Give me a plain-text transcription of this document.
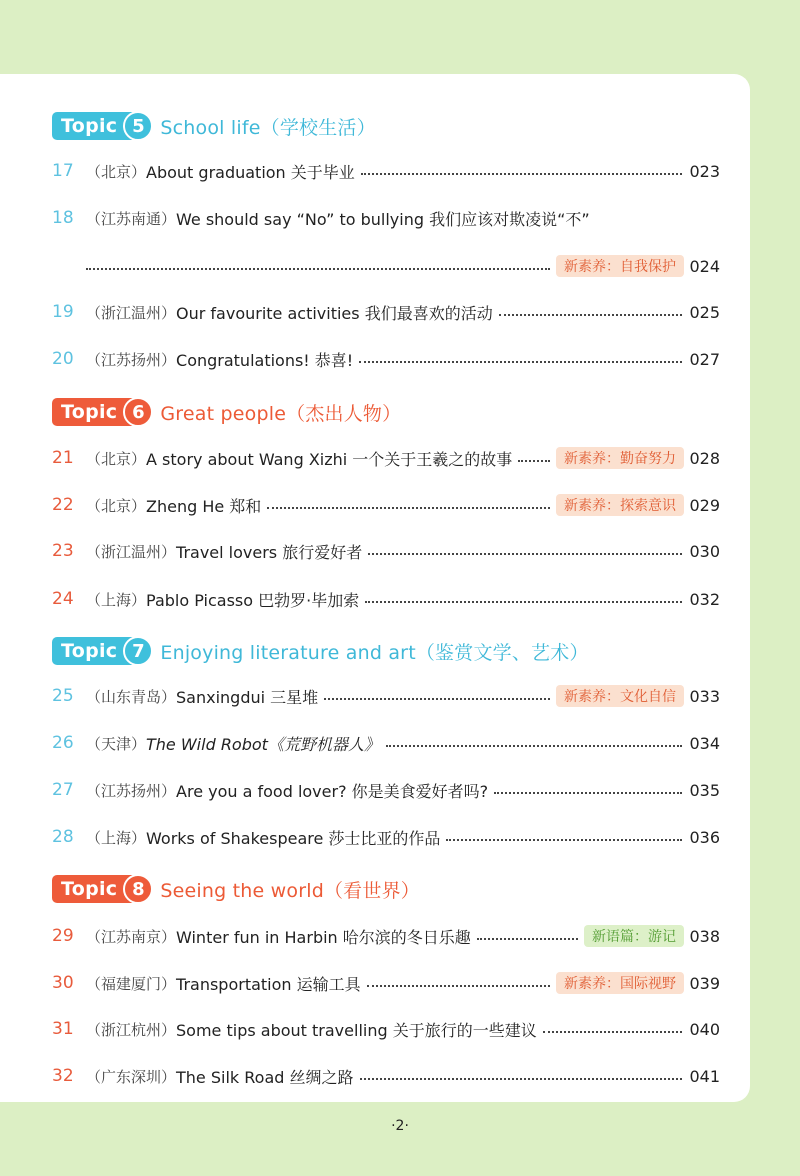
Topic 5 School life（学校生活）
17 （北京） About graduation 关于毕业	023
18 （江苏南通） We should say “No” to bullying 我们应该对欺凌说“不”
新素养：自我保护 024
19 （浙江温州） Our favourite activities 我们最喜欢的活动	025
20 （江苏扬州） Congratulations! 恭喜!	027
Topic 6 Great people（杰出人物）
21 （北京） A story about Wang Xizhi 一个关于王羲之的故事	新素养：勤奋努力 028
22 （北京） Zheng He 郑和	新素养：探索意识 029
23 （浙江温州） Travel lovers 旅行爱好者	030
24 （上海） Pablo Picasso 巴勃罗·毕加索	032
Topic 7 Enjoying literature and art（鉴赏文学、艺术）
25 （山东青岛） Sanxingdui 三星堆	新素养：文化自信 033
26 （天津） The Wild Robot《荒野机器人》	034
27 （江苏扬州） Are you a food lover? 你是美食爱好者吗?	035
28 （上海） Works of Shakespeare 莎士比亚的作品	036
Topic 8 Seeing the world（看世界）
29 （江苏南京） Winter fun in Harbin 哈尔滨的冬日乐趣	新语篇：游记 038
30 （福建厦门） Transportation 运输工具	新素养：国际视野 039
31 （浙江杭州） Some tips about travelling 关于旅行的一些建议	040
32 （广东深圳） The Silk Road 丝绸之路	041
·2·
